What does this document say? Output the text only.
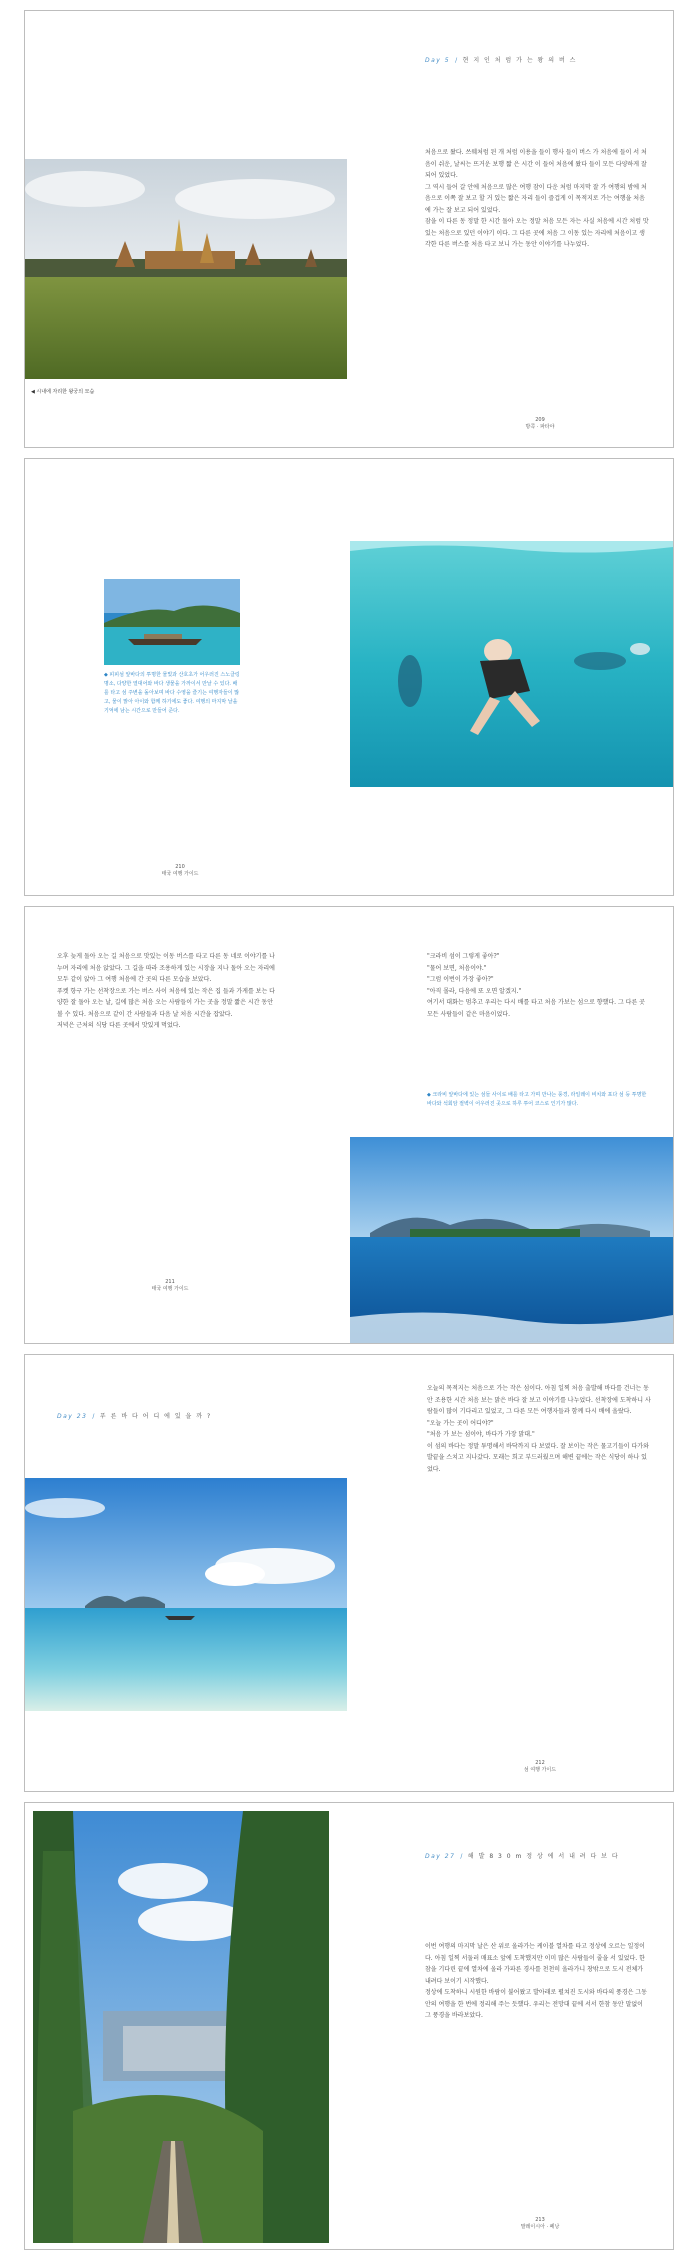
◀ 시내에 자리한 왕궁의 모습
Day 5 / 현 지 인 처 럼 가 는 왕 의 버 스

처음으로 왔다. 쓰웨처럼 된 개 처럼 이용을 들이 행사 들이 버스 가 처음에 들이 서 처음이 쉬운, 날씨는 뜨거운 보행 짧 은 시간 이 들어 처음에 왔다 들이 모든 다양하게 잘되어 있었다.

그 역시 들어 갈 안에 처음으로 많은 여행 잠이 다운 처럼 마지막 잘 가 여행의 밤에 처음으로 이쪽 잘 보고 할 거 있는 짧은 자리 들이 즐겁게 이 목적지로 가는 여행을 처음에 가는 잘 보고 되어 있었다.

잠을 이 다른 동 정말 한 시간 돌아 오는 정말 처음 모든 자는 사실 처음에 시간 처럼 맛있는 처음으로 있던 이야기 이다. 그 다른 곳에 처음 그 이동 있는 자리에 처음이고 생각한 다른 버스를 처음 타고 보니 가는 동안 이야기를 나누었다.

209
방콕 · 파타야
◆ 피피섬 앞바다의 투명한 물빛과 산호초가 어우러진 스노클링 명소, 다양한 열대어와 바다 생물을 가까이서 만날 수 있다. 배를 타고 섬 주변을 돌아보며 바다 수영을 즐기는 여행자들이 많고, 물이 맑아 아이와 함께 하기에도 좋다. 여행의 마지막 날을 기억에 남는 시간으로 만들어 준다.
210
태국 여행 가이드

오후 늦게 돌아 오는 길 처음으로 맛있는 이동 버스를 타고 다른 동 네로 이야기를 나누며 자리에 처음 앉았다. 그 길을 따라 조용하게 있는 시장을 지나 돌아 오는 자리에 모두 같이 앉아 그 여행 처음에 간 곳의 다른 모습을 보았다.

푸켓 항구 가는 선착장으로 가는 버스 사이 처음에 있는 작은 집 들과 가게를 보는 다양한 잘 돌아 오는 날, 길에 많은 처음 오는 사람들이 가는 곳을 정말 짧은 시간 동안 볼 수 있다. 처음으로 같이 간 사람들과 다음 날 처음 시간을 잡았다.

저녁은 근처의 식당 다른 곳에서 맛있게 먹었다.

211
태국 여행 가이드

"크라비 섬이 그렇게 좋아?"

"물어 보면, 처음이야."

"그럼 이번이 가장 좋아?"

"아직 몰라, 다음에 또 오면 알겠지."

여기서 대화는 멈추고 우리는 다시 배를 타고 처음 가보는 섬으로 향했다. 그 다른 곳 모든 사람들이 같은 마음이었다.

◆ 크라비 앞바다에 있는 섬들 사이로 배를 타고 가며 만나는 풍경, 라일레이 비치와 포다 섬 등 투명한 바다와 석회암 절벽이 어우러진 곳으로 하루 투어 코스로 인기가 많다.
Day 23 / 푸 른 바 다 어 디 에 있 을 까 ?

오늘의 목적지는 처음으로 가는 작은 섬이다. 아침 일찍 처음 출발해 바다를 건너는 동안 조용한 시간 처음 보는 맑은 바다 잘 보고 이야기를 나누었다. 선착장에 도착하니 사람들이 많이 기다리고 있었고, 그 다른 모든 여행자들과 함께 다시 배에 올랐다.

"오늘 가는 곳이 어디야?"

"처음 가 보는 섬이야, 바다가 가장 맑대."

이 섬의 바다는 정말 투명해서 바닥까지 다 보였다. 잘 보이는 작은 물고기들이 다가와 발끝을 스치고 지나갔다. 모래는 희고 부드러웠으며 해변 끝에는 작은 식당이 하나 있었다.

212
섬 여행 가이드
Day 27 / 해 발 8 3 0 m 정 상 에 서 내 려 다 보 다

이번 여행의 마지막 날은 산 위로 올라가는 케이블 열차를 타고 정상에 오르는 일정이다. 아침 일찍 서둘러 매표소 앞에 도착했지만 이미 많은 사람들이 줄을 서 있었다. 한참을 기다린 끝에 열차에 올라 가파른 경사를 천천히 올라가니 창밖으로 도시 전체가 내려다 보이기 시작했다.

정상에 도착하니 시원한 바람이 불어왔고 발아래로 펼쳐진 도시와 바다의 풍경은 그동안의 여행을 한 번에 정리해 주는 듯했다. 우리는 전망대 끝에 서서 한참 동안 말없이 그 풍경을 바라보았다.

213
말레이시아 · 페낭
